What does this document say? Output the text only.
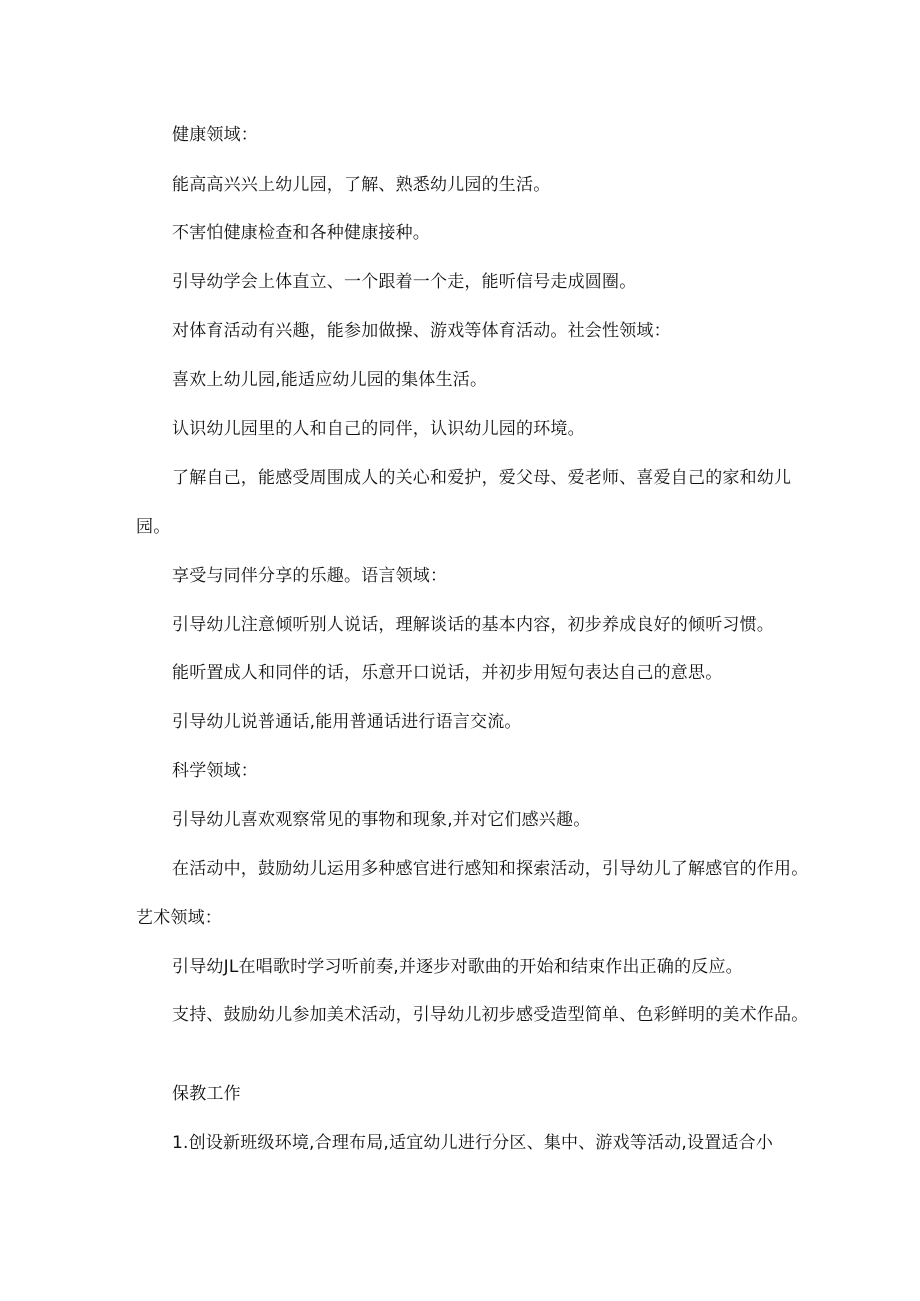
健康领域：
能高高兴兴上幼儿园，了解、熟悉幼儿园的生活。
不害怕健康检查和各种健康接种。
引导幼学会上体直立、一个跟着一个走，能听信号走成圆圈。
对体育活动有兴趣，能参加做操、游戏等体育活动。社会性领域：
喜欢上幼儿园,能适应幼儿园的集体生活。
认识幼儿园里的人和自己的同伴，认识幼儿园的环境。
了解自己，能感受周围成人的关心和爱护，爱父母、爱老师、喜爱自己的家和幼儿
园。
享受与同伴分享的乐趣。语言领域：
引导幼儿注意倾听别人说话，理解谈话的基本内容，初步养成良好的倾听习惯。
能听置成人和同伴的话，乐意开口说话，并初步用短句表达自己的意思。
引导幼儿说普通话,能用普通话进行语言交流。
科学领域：
引导幼儿喜欢观察常见的事物和现象,并对它们感兴趣。
在活动中，鼓励幼儿运用多种感官进行感知和探索活动，引导幼儿了解感官的作用。
艺术领域：
引导幼JL在唱歌时学习听前奏,并逐步对歌曲的开始和结束作出正确的反应。
支持、鼓励幼儿参加美术活动，引导幼儿初步感受造型简单、色彩鲜明的美术作品。
保教工作
1.创设新班级环境,合理布局,适宜幼儿进行分区、集中、游戏等活动,设置适合小
